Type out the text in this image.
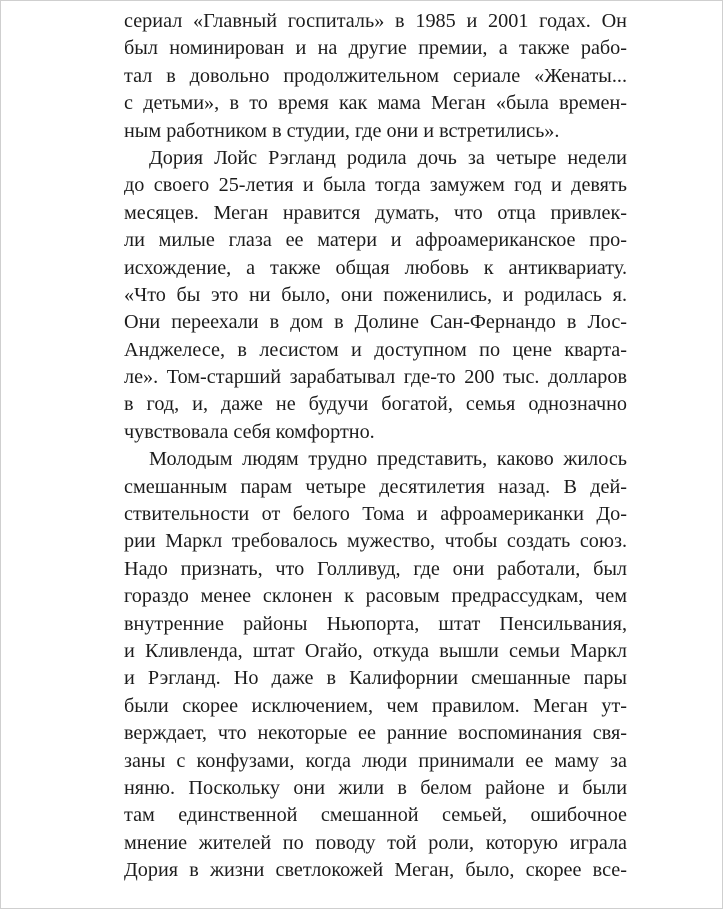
сериал «Главный госпиталь» в 1985 и 2001 годах. Он
был номинирован и на другие премии, а также рабо-
тал в довольно продолжительном сериале «Женаты...
с детьми», в то время как мама Меган «была времен-
ным работником в студии, где они и встретились».
Дория Лойс Рэгланд родила дочь за четыре недели
до своего 25-летия и была тогда замужем год и девять
месяцев. Меган нравится думать, что отца привлек-
ли милые глаза ее матери и афроамериканское про-
исхождение, а также общая любовь к антиквариату.
«Что бы это ни было, они поженились, и родилась я.
Они переехали в дом в Долине Сан-Фернандо в Лос-
Анджелесе, в лесистом и доступном по цене кварта-
ле». Том-старший зарабатывал где-то 200 тыс. долларов
в год, и, даже не будучи богатой, семья однозначно
чувствовала себя комфортно.
Молодым людям трудно представить, каково жилось
смешанным парам четыре десятилетия назад. В дей-
ствительности от белого Тома и афроамериканки До-
рии Маркл требовалось мужество, чтобы создать союз.
Надо признать, что Голливуд, где они работали, был
гораздо менее склонен к расовым предрассудкам, чем
внутренние районы Ньюпорта, штат Пенсильвания,
и Кливленда, штат Огайо, откуда вышли семьи Маркл
и Рэгланд. Но даже в Калифорнии смешанные пары
были скорее исключением, чем правилом. Меган ут-
верждает, что некоторые ее ранние воспоминания свя-
заны с конфузами, когда люди принимали ее маму за
няню. Поскольку они жили в белом районе и были
там единственной смешанной семьей, ошибочное
мнение жителей по поводу той роли, которую играла
Дория в жизни светлокожей Меган, было, скорее все-
